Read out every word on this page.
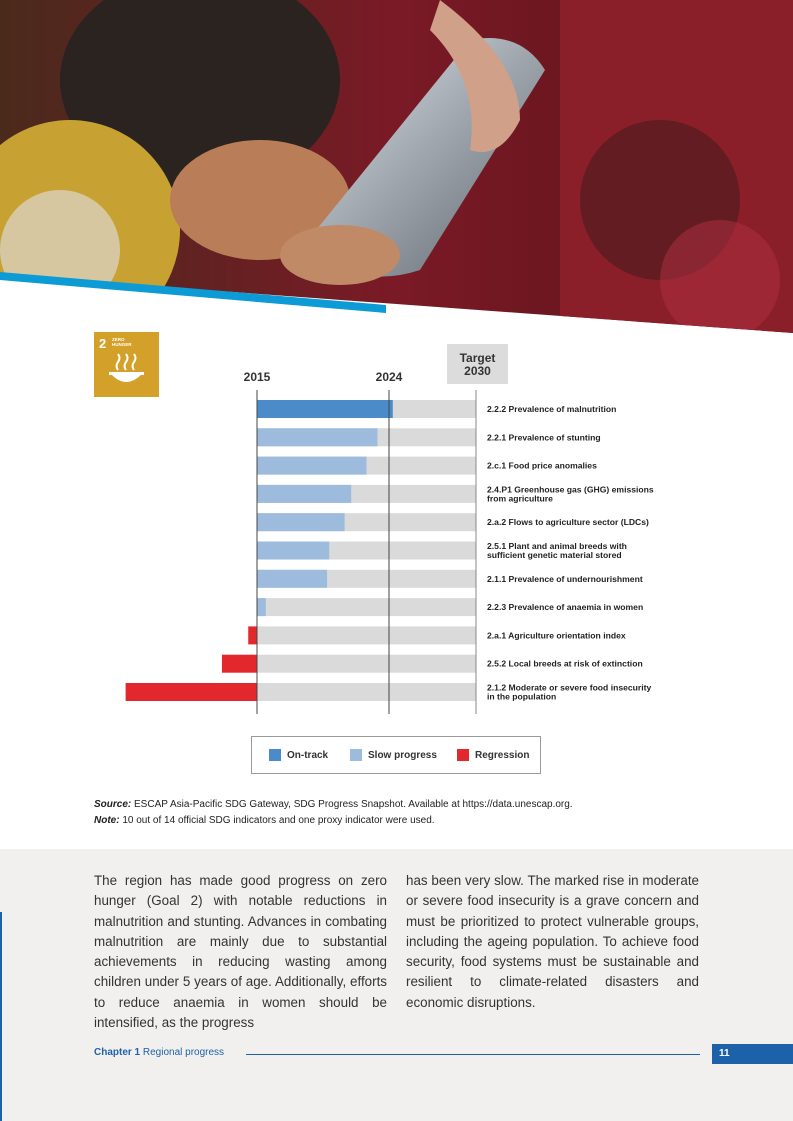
2 ZERO
HUNGER
Target
2030
2015	2024
2.2.2 Prevalence of malnutrition
2.2.1 Prevalence of stunting
2.c.1 Food price anomalies
2.4.P1 Greenhouse gas (GHG) emissions
from agriculture
2.a.2 Flows to agriculture sector (LDCs)
2.5.1 Plant and animal breeds with
sufficient genetic material stored
2.1.1 Prevalence of undernourishment
2.2.3 Prevalence of anaemia in women
2.a.1 Agriculture orientation index
2.5.2 Local breeds at risk of extinction
2.1.2 Moderate or severe food insecurity
in the population
On-track	Slow progress	Regression
Source: ESCAP Asia-Pacific SDG Gateway, SDG Progress Snapshot. Available at https://data.unescap.org.
Note: 10 out of 14 official SDG indicators and one proxy indicator were used.
The region has made good progress on zero hunger (Goal 2) with notable reductions in malnutrition and stunting. Advances in combating malnutrition are mainly due to substantial achievements in reducing wasting among children under 5 years of age. Additionally, efforts to reduce anaemia in women should be intensified, as the progress
has been very slow. The marked rise in moderate or severe food insecurity is a grave concern and must be prioritized to protect vulnerable groups, including the ageing population. To achieve food security, food systems must be sustainable and resilient to climate-related disasters and economic disruptions.
Chapter 1 Regional progress	11
